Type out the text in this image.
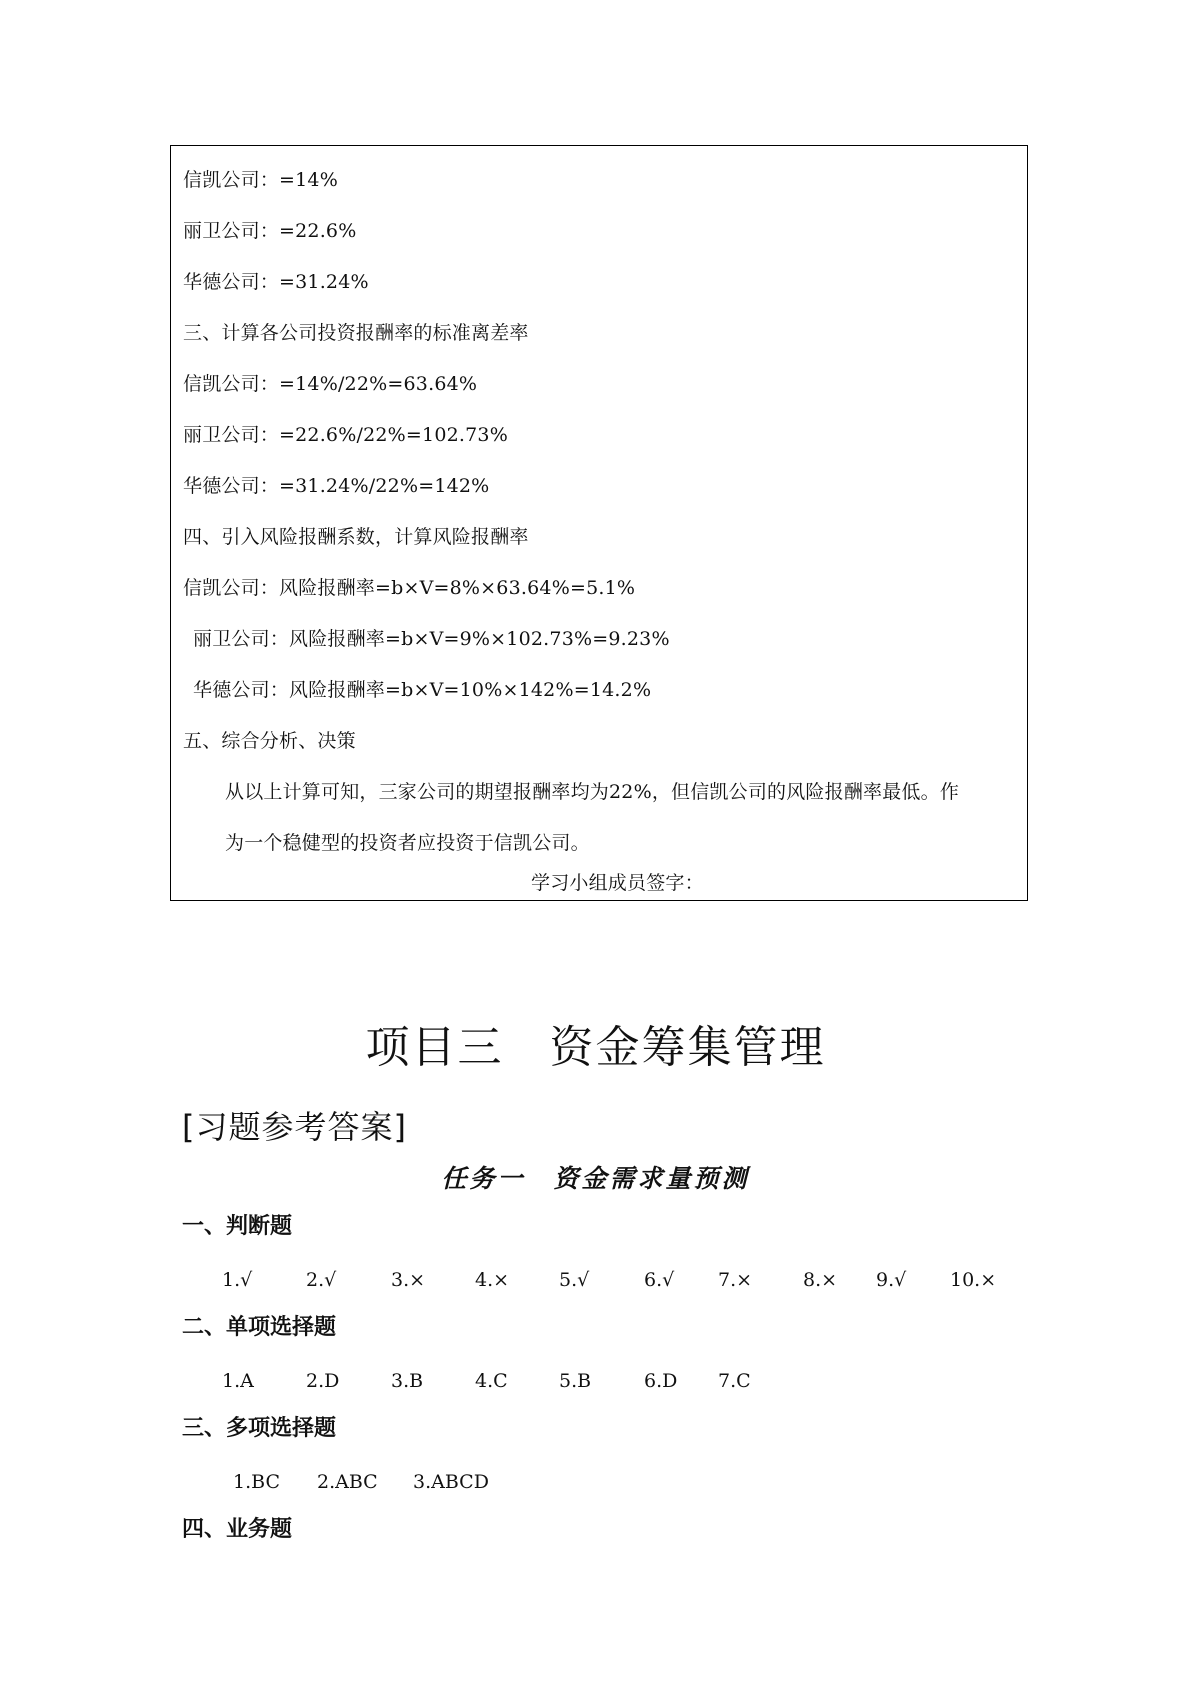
信凯公司：=14%
丽卫公司：=22.6%
华德公司：=31.24%
三、计算各公司投资报酬率的标准离差率
信凯公司：=14%/22%=63.64%
丽卫公司：=22.6%/22%=102.73%
华德公司：=31.24%/22%=142%
四、引入风险报酬系数，计算风险报酬率
信凯公司：风险报酬率=b×V=8%×63.64%=5.1%
丽卫公司：风险报酬率=b×V=9%×102.73%=9.23%
华德公司：风险报酬率=b×V=10%×142%=14.2%
五、综合分析、决策
从以上计算可知，三家公司的期望报酬率均为22%，但信凯公司的风险报酬率最低。作
为一个稳健型的投资者应投资于信凯公司。
学习小组成员签字：
项目三　资金筹集管理
[习题参考答案]
任务一　资金需求量预测
一、判断题
1.√	2.√	3.×	4.×	5.√	6.√ 7.×	8.× 9.√ 10.×
二、单项选择题
1.A	2.D	3.B	4.C	5.B	6.D 7.C
三、多项选择题
1.BC 2.ABC 3.ABCD
四、业务题
